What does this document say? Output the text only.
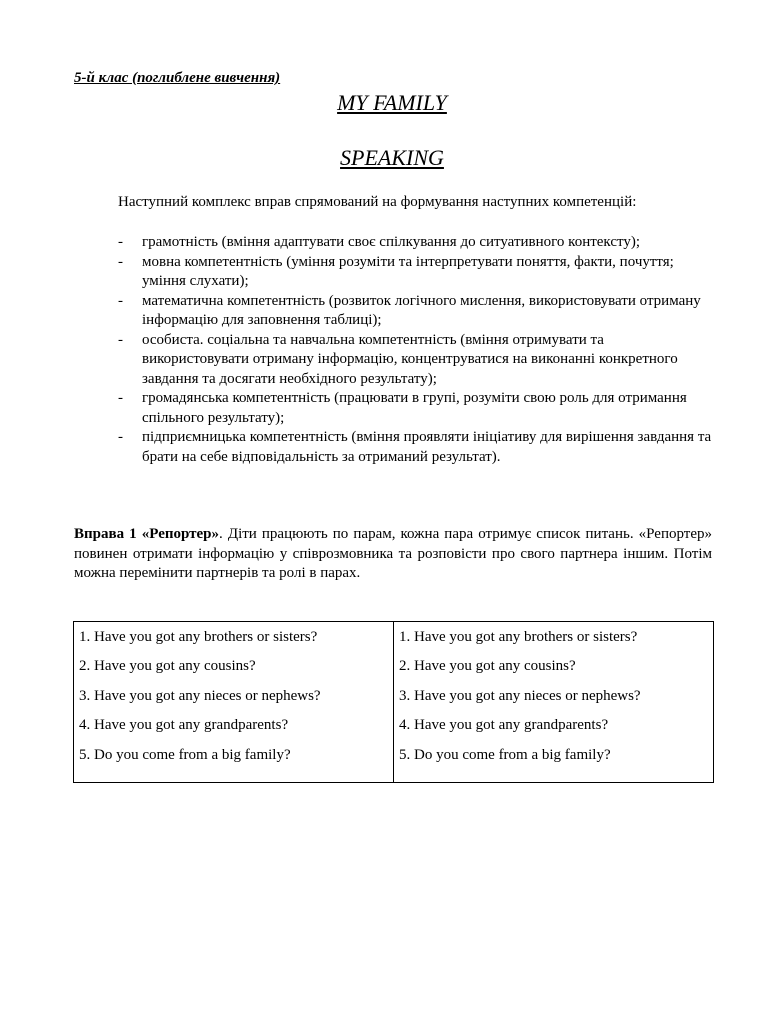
5-й клас (поглиблене вивчення)
MY FAMILY
SPEAKING
Наступний комплекс вправ спрямований на формування наступних компетенцій:
- грамотність (вміння адаптувати своє спілкування до ситуативного контексту);
- мовна компетентність (уміння розуміти та інтерпретувати поняття, факти, почуття; уміння слухати);
- математична компетентність (розвиток логічного мислення, використовувати отриману інформацію для заповнення таблиці);
- особиста. соціальна та навчальна компетентність (вміння отримувати та використовувати отриману інформацію, концентруватися на виконанні конкретного завдання та досягати необхідного результату);
- громадянська компетентність (працювати в групі, розуміти свою роль для отримання спільного результату);
- підприємницька компетентність (вміння проявляти ініціативу для вирішення завдання та брати на себе відповідальність за отриманий результат).
Вправа 1 «Репортер». Діти працюють по парам, кожна пара отримує список питань. «Репортер» повинен отримати інформацію у співрозмовника та розповісти про свого партнера іншим. Потім можна перемінити партнерів та ролі в парах.
1. Have you got any brothers or sisters?
2. Have you got any cousins?
3. Have you got any nieces or nephews?
4. Have you got any grandparents?
5. Do you come from a big family?

1. Have you got any brothers or sisters?
2. Have you got any cousins?
3. Have you got any nieces or nephews?
4. Have you got any grandparents?
5. Do you come from a big family?
